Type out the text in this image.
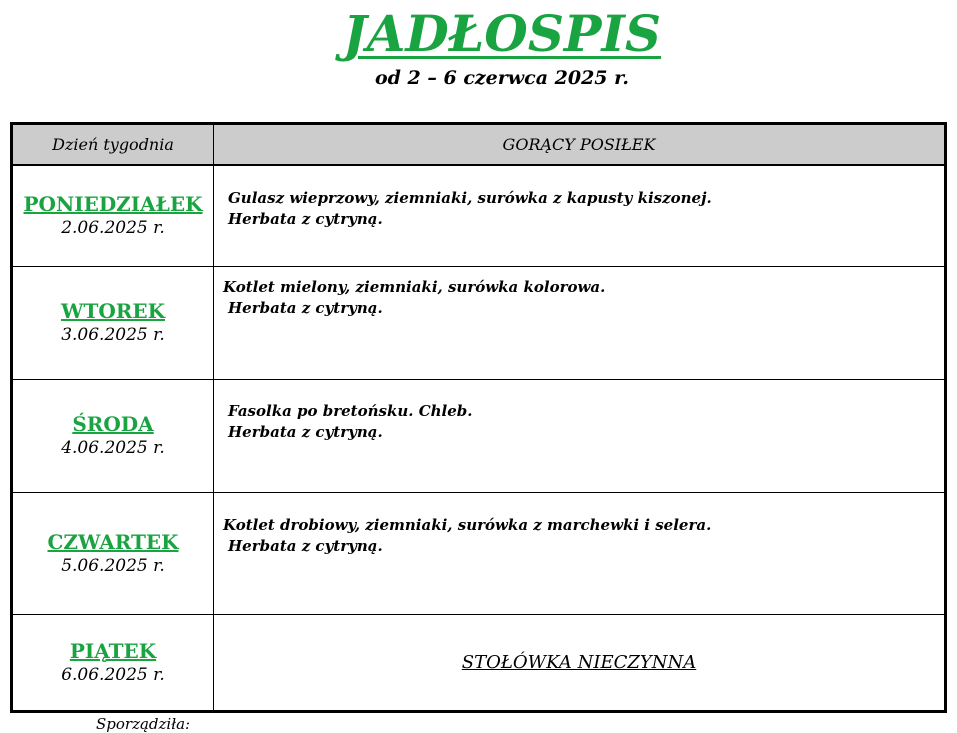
JADŁOSPIS
od 2 – 6 czerwca 2025 r.
Dzień tygodnia	GORĄCY POSIŁEK

PONIEDZIAŁEK
2.06.2025 r.	Gulasz wieprzowy, ziemniaki, surówka z kapusty kiszonej.
Herbata z cytryną.

WTOREK
3.06.2025 r.	Kotlet mielony, ziemniaki, surówka kolorowa.
Herbata z cytryną.

ŚRODA
4.06.2025 r.	Fasolka po bretońsku. Chleb.
Herbata z cytryną.

CZWARTEK
5.06.2025 r.	Kotlet drobiowy, ziemniaki, surówka z marchewki i selera.
Herbata z cytryną.

PIĄTEK
6.06.2025 r.	STOŁÓWKA NIECZYNNA
Sporządziła:
